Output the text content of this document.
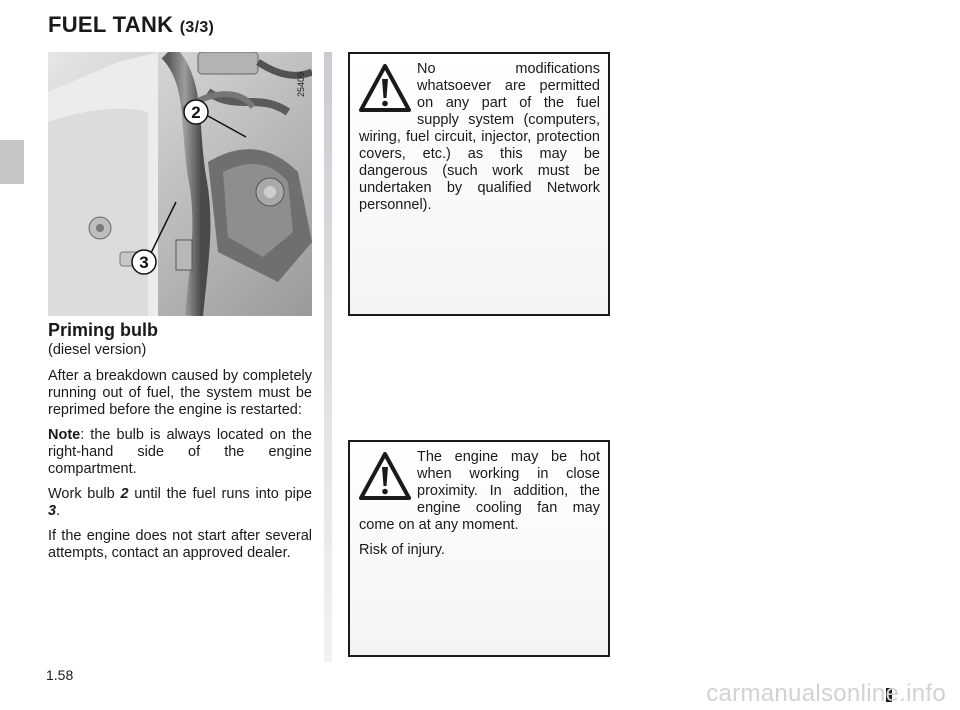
FUEL TANK (3/3)
2
3
25409
Priming bulb

(diesel version)

After a breakdown caused by completely running out of fuel, the system must be reprimed before the engine is restarted:

Note: the bulb is always located on the right-hand side of the engine compartment.

Work bulb 2 until the fuel runs into pipe 3.

If the engine does not start after several attempts, contact an approved dealer.

No modifications whatsoever are permitted on any part of the fuel supply system (computers, wiring, fuel circuit, injector, protection covers, etc.) as this may be dangerous (such work must be undertaken by qualified Network personnel).

The engine may be hot when working in close proximity. In addition, the engine cooling fan may come on at any moment.

Risk of injury.

1.58
carmanualsonline.info
